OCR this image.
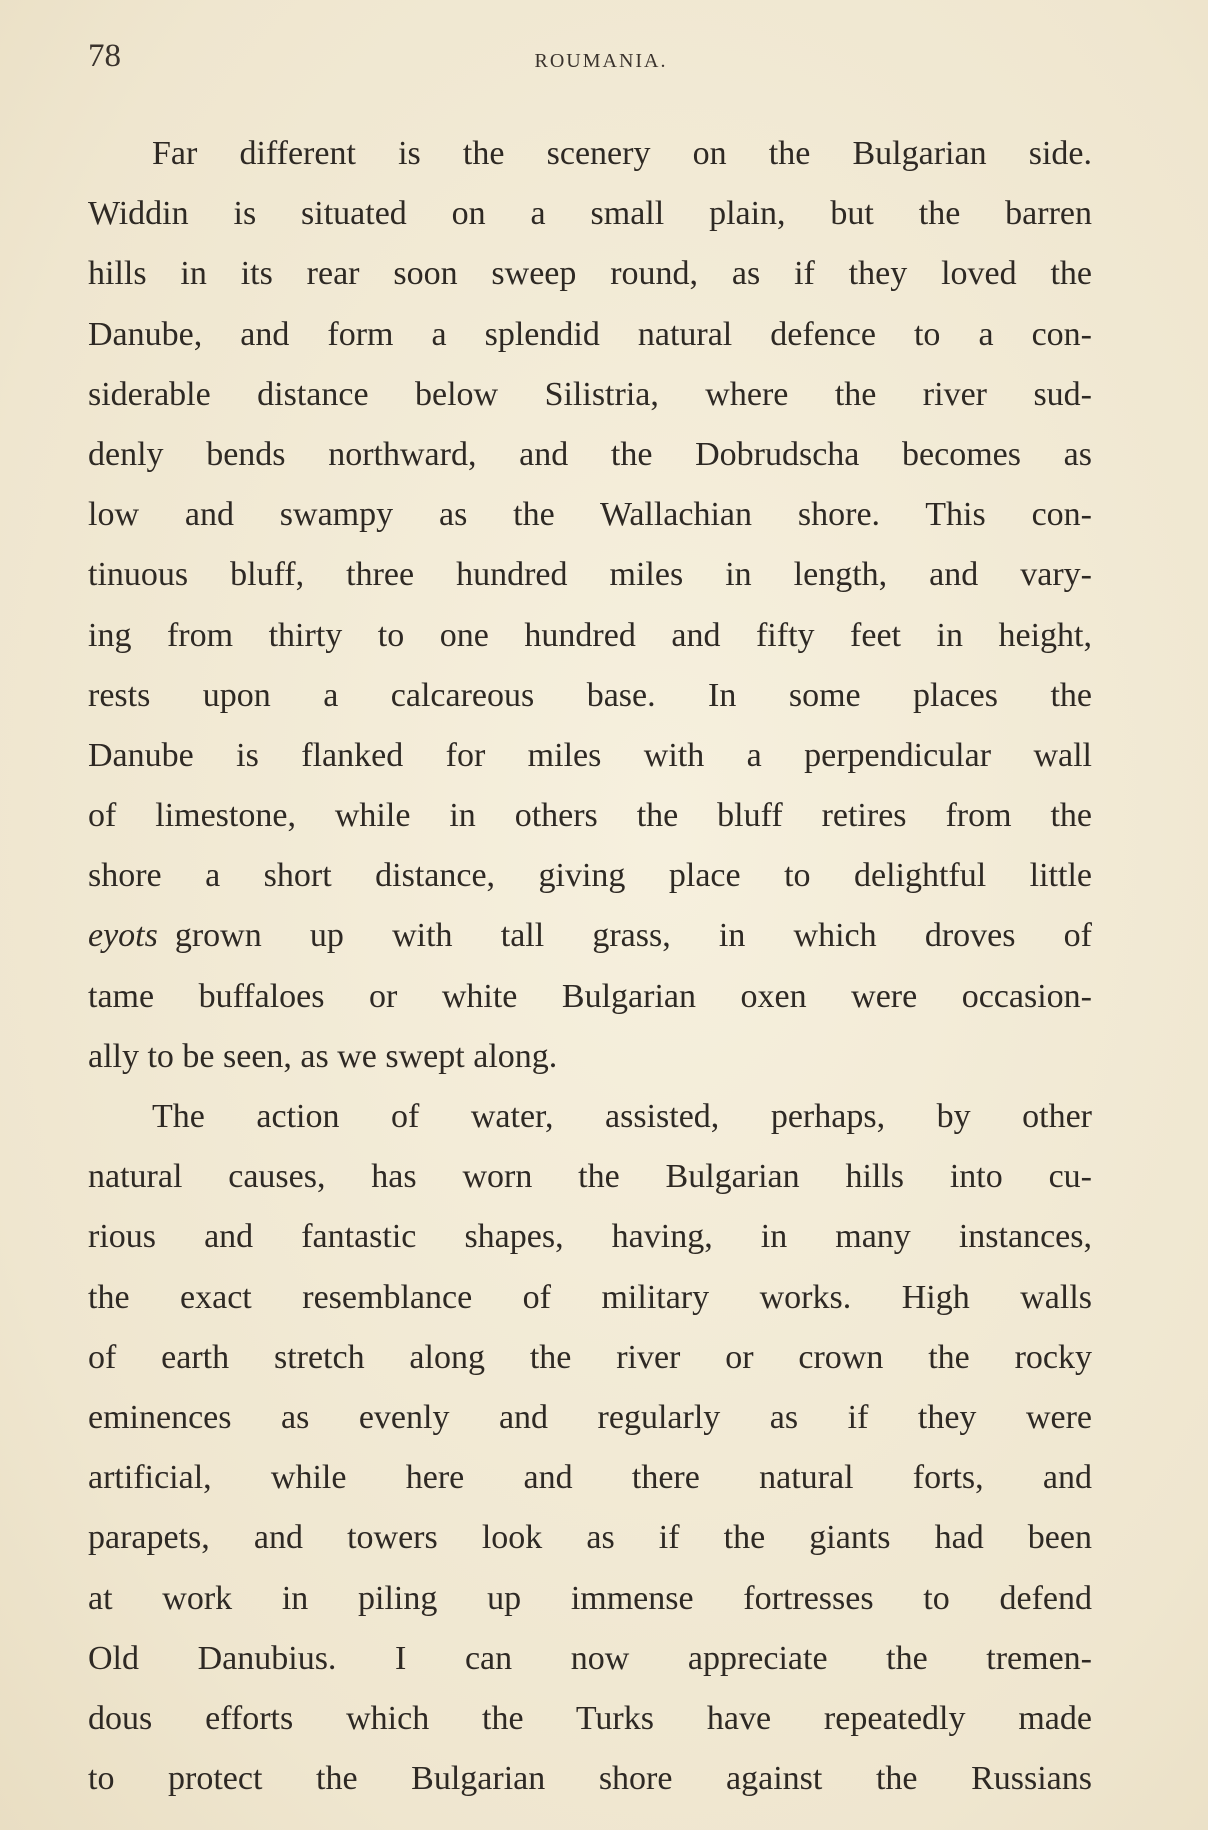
78	ROUMANIA.
Far different is the scenery on the Bulgarian side.
Widdin is situated on a small plain, but the barren
hills in its rear soon sweep round, as if they loved the
Danube, and form a splendid natural defence to a con-
siderable distance below Silistria, where the river sud-
denly bends northward, and the Dobrudscha becomes as
low and swampy as the Wallachian shore. This con-
tinuous bluff, three hundred miles in length, and vary-
ing from thirty to one hundred and fifty feet in height,
rests upon a calcareous base. In some places the
Danube is flanked for miles with a perpendicular wall
of limestone, while in others the bluff retires from the
shore a short distance, giving place to delightful little
eyots grown up with tall grass, in which droves of
tame buffaloes or white Bulgarian oxen were occasion-
ally to be seen, as we swept along.
The action of water, assisted, perhaps, by other
natural causes, has worn the Bulgarian hills into cu-
rious and fantastic shapes, having, in many instances,
the exact resemblance of military works. High walls
of earth stretch along the river or crown the rocky
eminences as evenly and regularly as if they were
artificial, while here and there natural forts, and
parapets, and towers look as if the giants had been
at work in piling up immense fortresses to defend
Old Danubius. I can now appreciate the tremen-
dous efforts which the Turks have repeatedly made
to protect the Bulgarian shore against the Russians
